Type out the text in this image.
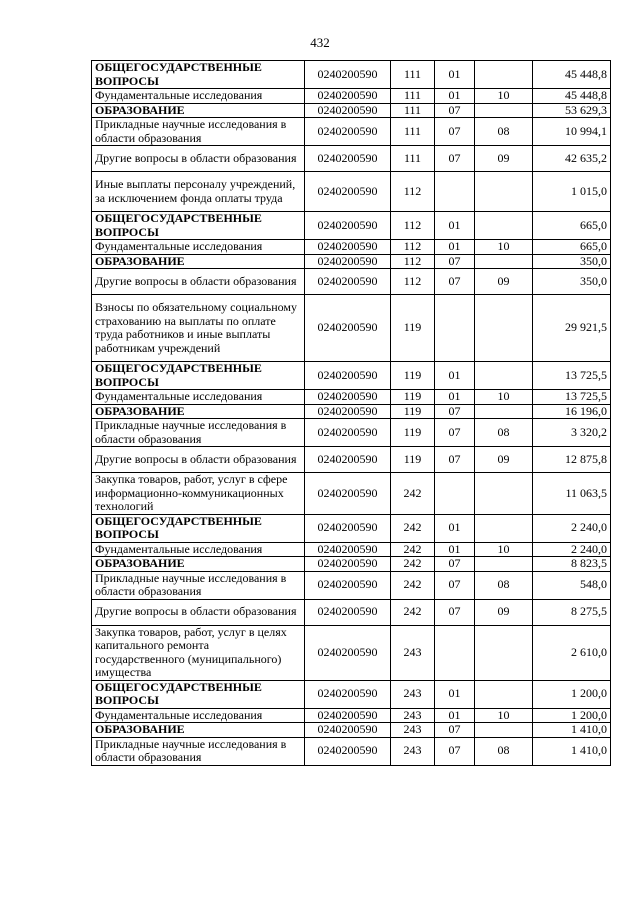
432
ОБЩЕГОСУДАРСТВЕННЫЕ ВОПРОСЫ	0240200590	111	01		45 448,8
Фундаментальные исследования	0240200590	111	01	10	45 448,8
ОБРАЗОВАНИЕ	0240200590	111	07		53 629,3
Прикладные научные исследования в области образования	0240200590	111	07	08	10 994,1
Другие вопросы в области образования	0240200590	111	07	09	42 635,2
Иные выплаты персоналу учреждений, за исключением фонда оплаты труда	0240200590	112			1 015,0
ОБЩЕГОСУДАРСТВЕННЫЕ ВОПРОСЫ	0240200590	112	01		665,0
Фундаментальные исследования	0240200590	112	01	10	665,0
ОБРАЗОВАНИЕ	0240200590	112	07		350,0
Другие вопросы в области образования	0240200590	112	07	09	350,0
Взносы по обязательному социальному страхованию на выплаты по оплате труда работников и иные выплаты работникам учреждений	0240200590	119			29 921,5
ОБЩЕГОСУДАРСТВЕННЫЕ ВОПРОСЫ	0240200590	119	01		13 725,5
Фундаментальные исследования	0240200590	119	01	10	13 725,5
ОБРАЗОВАНИЕ	0240200590	119	07		16 196,0
Прикладные научные исследования в области образования	0240200590	119	07	08	3 320,2
Другие вопросы в области образования	0240200590	119	07	09	12 875,8
Закупка товаров, работ, услуг в сфере информационно-коммуникационных технологий	0240200590	242			11 063,5
ОБЩЕГОСУДАРСТВЕННЫЕ ВОПРОСЫ	0240200590	242	01		2 240,0
Фундаментальные исследования	0240200590	242	01	10	2 240,0
ОБРАЗОВАНИЕ	0240200590	242	07		8 823,5
Прикладные научные исследования в области образования	0240200590	242	07	08	548,0
Другие вопросы в области образования	0240200590	242	07	09	8 275,5
Закупка товаров, работ, услуг в целях капитального ремонта государственного (муниципального) имущества	0240200590	243			2 610,0
ОБЩЕГОСУДАРСТВЕННЫЕ ВОПРОСЫ	0240200590	243	01		1 200,0
Фундаментальные исследования	0240200590	243	01	10	1 200,0
ОБРАЗОВАНИЕ	0240200590	243	07		1 410,0
Прикладные научные исследования в области образования	0240200590	243	07	08	1 410,0
